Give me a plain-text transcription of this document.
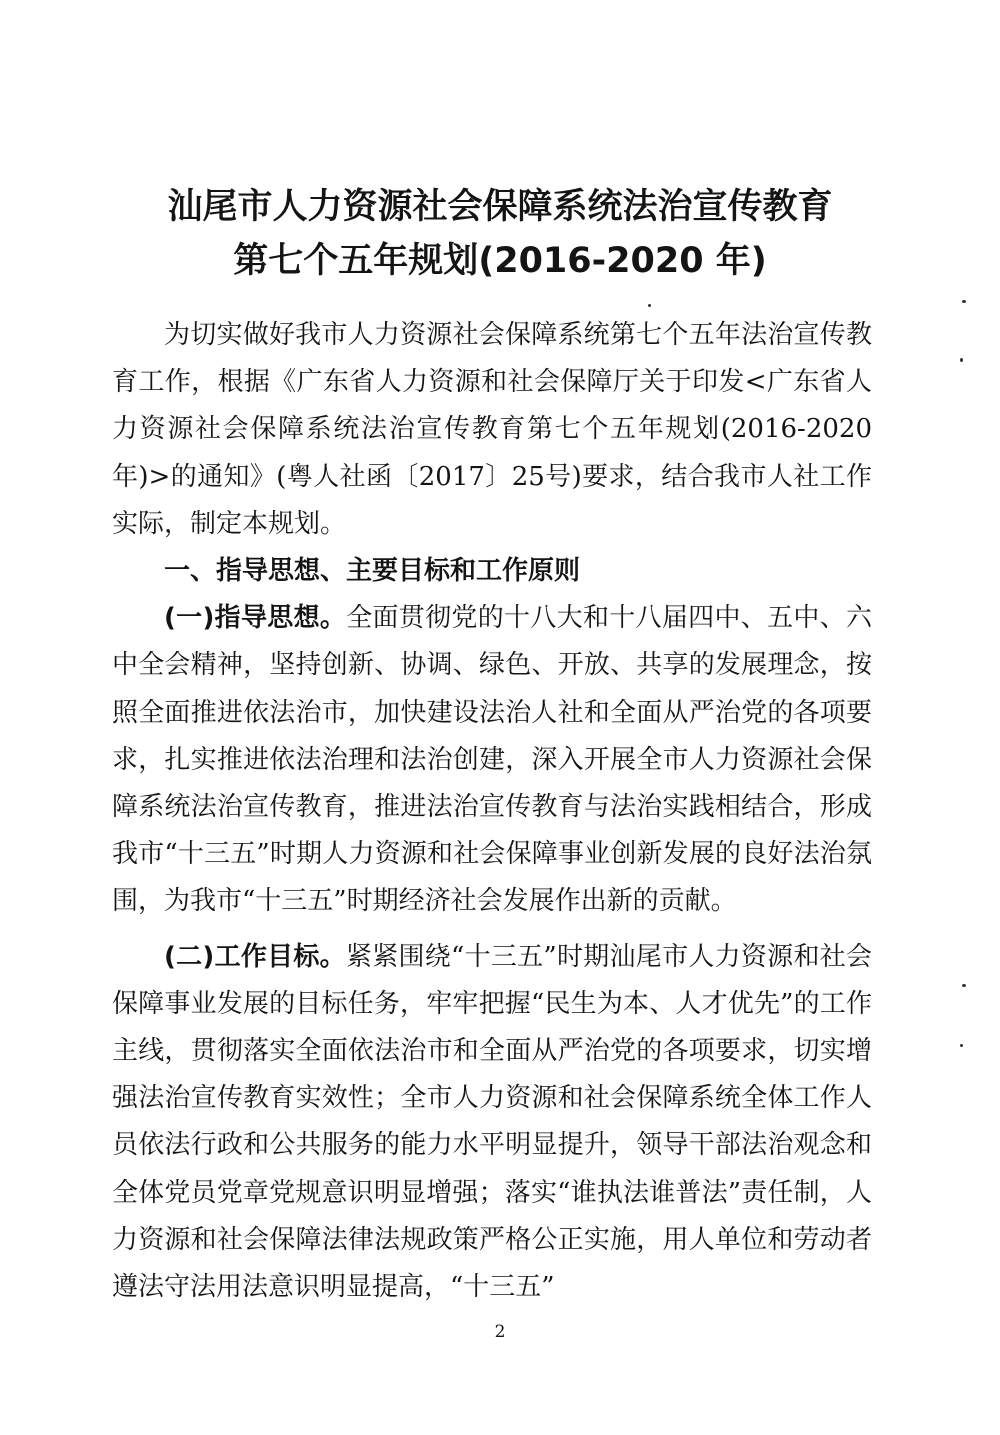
汕尾市人力资源社会保障系统法治宣传教育
第七个五年规划(2016-2020 年)

为切实做好我市人力资源社会保障系统第七个五年法治宣传教育工作，根据《广东省人力资源和社会保障厅关于印发<广东省人力资源社会保障系统法治宣传教育第七个五年规划(2016-2020年)>的通知》(粤人社函〔2017〕25号)要求，结合我市人社工作实际，制定本规划。

一、指导思想、主要目标和工作原则

(一)指导思想。全面贯彻党的十八大和十八届四中、五中、六中全会精神，坚持创新、协调、绿色、开放、共享的发展理念，按照全面推进依法治市，加快建设法治人社和全面从严治党的各项要求，扎实推进依法治理和法治创建，深入开展全市人力资源社会保障系统法治宣传教育，推进法治宣传教育与法治实践相结合，形成我市“十三五”时期人力资源和社会保障事业创新发展的良好法治氛围，为我市“十三五”时期经济社会发展作出新的贡献。

(二)工作目标。紧紧围绕“十三五”时期汕尾市人力资源和社会保障事业发展的目标任务，牢牢把握“民生为本、人才优先”的工作主线，贯彻落实全面依法治市和全面从严治党的各项要求，切实增强法治宣传教育实效性；全市人力资源和社会保障系统全体工作人员依法行政和公共服务的能力水平明显提升，领导干部法治观念和全体党员党章党规意识明显增强；落实“谁执法谁普法”责任制，人力资源和社会保障法律法规政策严格公正实施，用人单位和劳动者遵法守法用法意识明显提高，“十三五”

2
